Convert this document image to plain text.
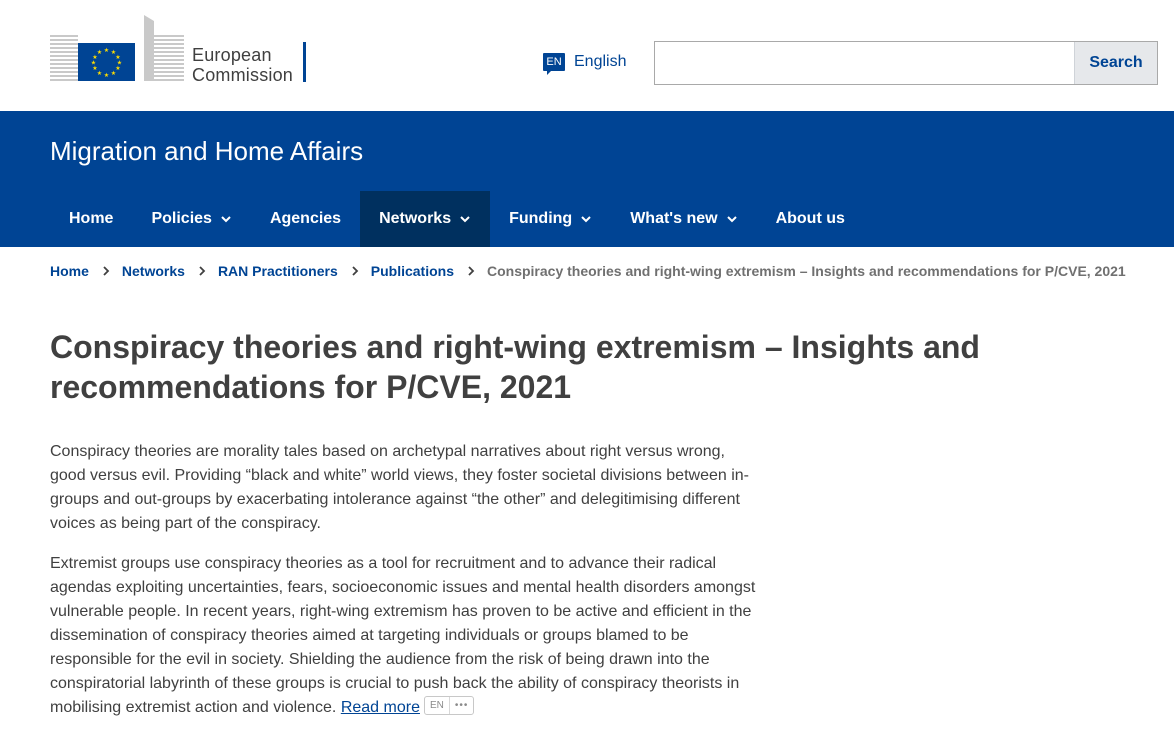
★ ★
★
★
★
★
★
★
★
★
★
★	European
Commission
EN English	Search
Migration and Home Affairs
Home Policies	Agencies Networks	Funding	What's new	About us
Home Networks RAN Practitioners Publications Conspiracy theories and right-wing extremism – Insights and recommendations for P/CVE, 2021
Conspiracy theories and right-wing extremism – Insights and
recommendations for P/CVE, 2021

Conspiracy theories are morality tales based on archetypal narratives about right versus wrong, good versus evil. Providing “black and white” world views, they foster societal divisions between in-groups and out-groups by exacerbating intolerance against “the other” and delegitimising different voices as being part of the conspiracy.

Extremist groups use conspiracy theories as a tool for recruitment and to advance their radical agendas exploiting uncertainties, fears, socioeconomic issues and mental health disorders amongst vulnerable people. In recent years, right-wing extremism has proven to be active and efficient in the dissemination of conspiracy theories aimed at targeting individuals or groups blamed to be responsible for the evil in society. Shielding the audience from the risk of being drawn into the conspiratorial labyrinth of these groups is crucial to push back the ability of conspiracy theorists in mobilising extremist action and violence. Read more	EN	•••
